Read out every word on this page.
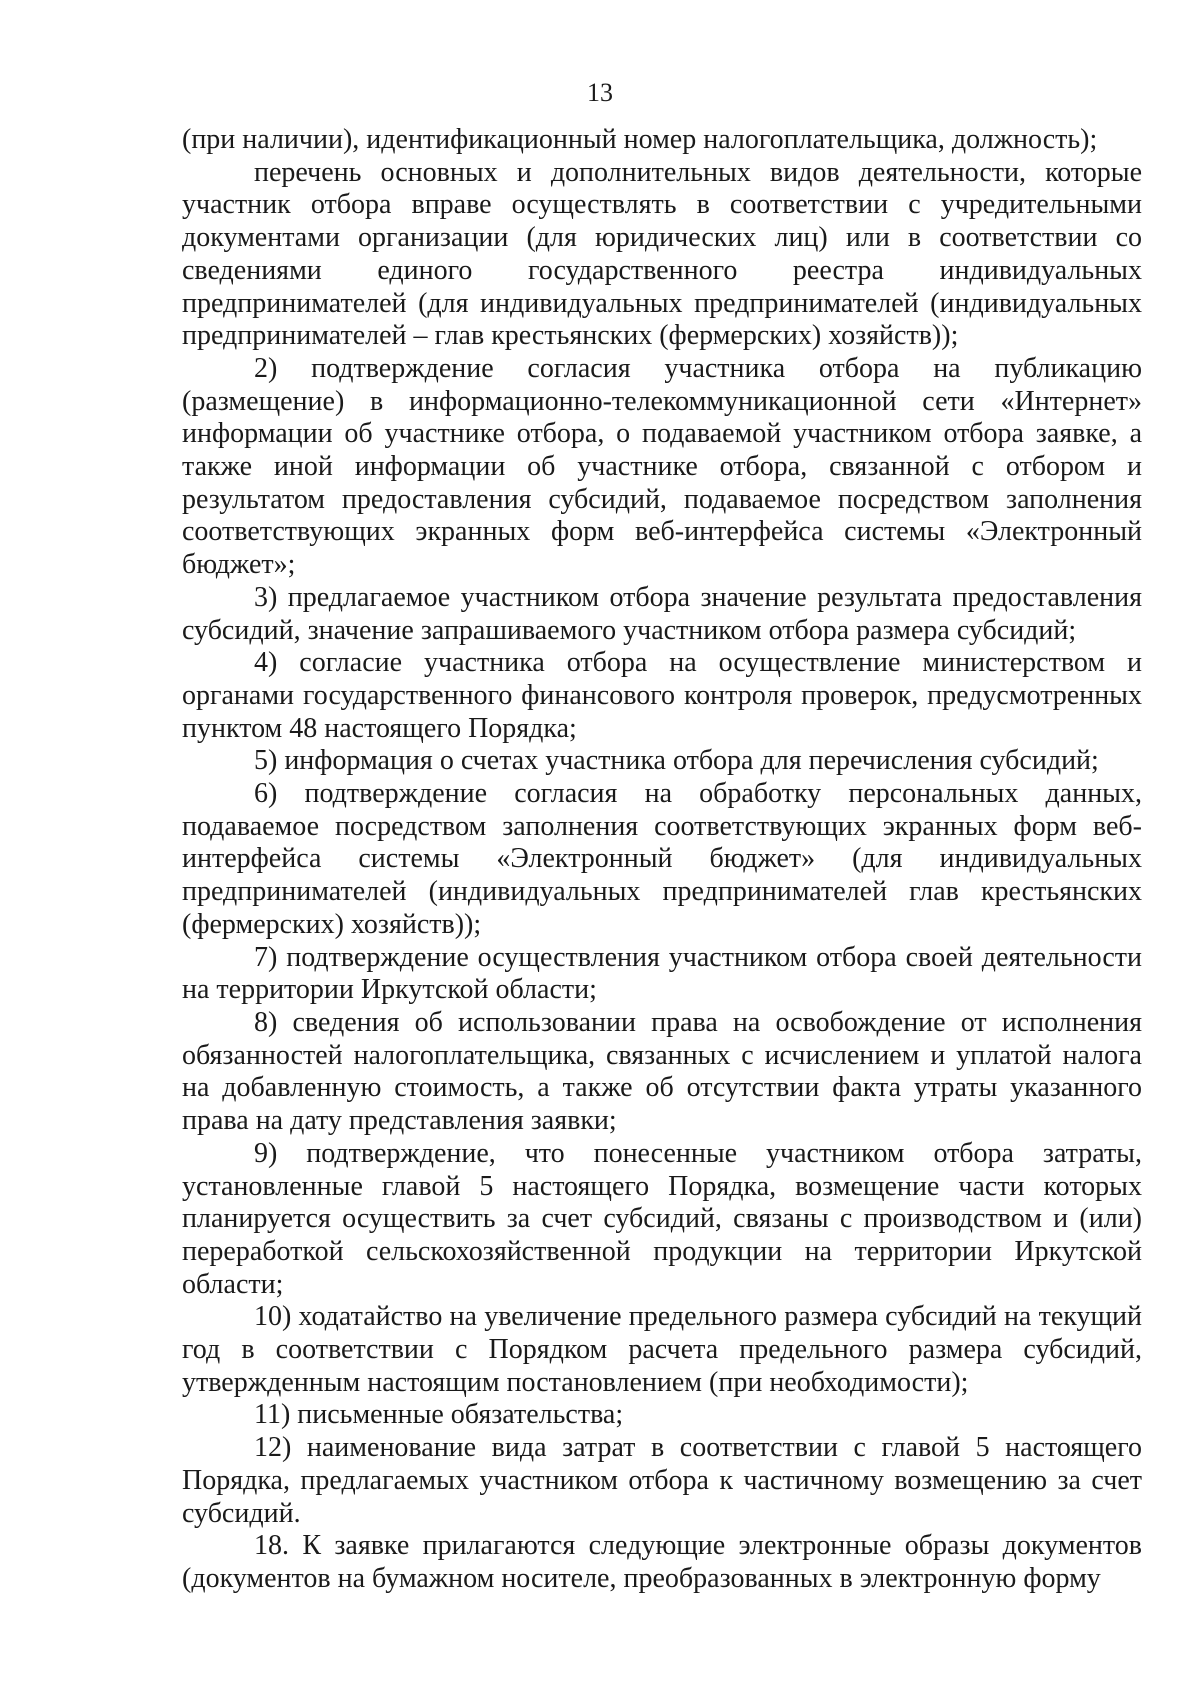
13

(при наличии), идентификационный номер налогоплательщика, должность);

перечень основных и дополнительных видов деятельности, которые участник отбора вправе осуществлять в соответствии с учредительными документами организации (для юридических лиц) или в соответствии со сведениями единого государственного реестра индивидуальных предпринимателей (для индивидуальных предпринимателей (индивидуальных предпринимателей – глав крестьянских (фермерских) хозяйств));

2) подтверждение согласия участника отбора на публикацию (размещение) в информационно-телекоммуникационной сети «Интернет» информации об участнике отбора, о подаваемой участником отбора заявке, а также иной информации об участнике отбора, связанной с отбором и результатом предоставления субсидий, подаваемое посредством заполнения соответствующих экранных форм веб-интерфейса системы «Электронный бюджет»;

3) предлагаемое участником отбора значение результата предоставления субсидий, значение запрашиваемого участником отбора размера субсидий;

4) согласие участника отбора на осуществление министерством и органами государственного финансового контроля проверок, предусмотренных пунктом 48 настоящего Порядка;

5) информация о счетах участника отбора для перечисления субсидий;

6) подтверждение согласия на обработку персональных данных, подаваемое посредством заполнения соответствующих экранных форм веб-интерфейса системы «Электронный бюджет» (для индивидуальных предпринимателей (индивидуальных предпринимателей глав крестьянских (фермерских) хозяйств));

7) подтверждение осуществления участником отбора своей деятельности на территории Иркутской области;

8) сведения об использовании права на освобождение от исполнения обязанностей налогоплательщика, связанных с исчислением и уплатой налога на добавленную стоимость, а также об отсутствии факта утраты указанного права на дату представления заявки;

9) подтверждение, что понесенные участником отбора затраты, установленные главой 5 настоящего Порядка, возмещение части которых планируется осуществить за счет субсидий, связаны с производством и (или) переработкой сельскохозяйственной продукции на территории Иркутской области;

10) ходатайство на увеличение предельного размера субсидий на текущий год в соответствии с Порядком расчета предельного размера субсидий, утвержденным настоящим постановлением (при необходимости);

11) письменные обязательства;

12) наименование вида затрат в соответствии с главой 5 настоящего Порядка, предлагаемых участником отбора к частичному возмещению за счет субсидий.

18. К заявке прилагаются следующие электронные образы документов (документов на бумажном носителе, преобразованных в электронную форму
